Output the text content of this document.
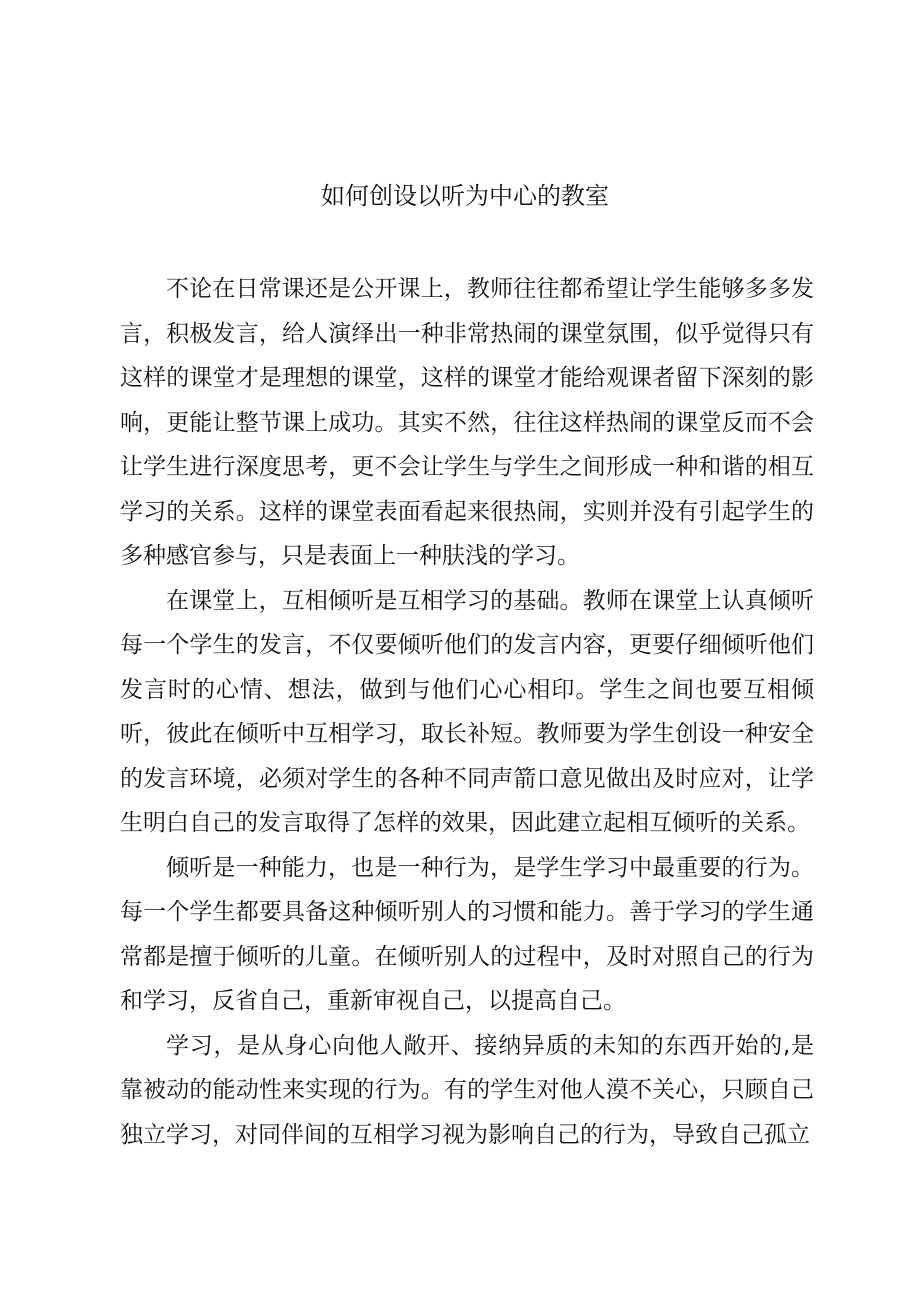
如何创设以听为中心的教室

不论在日常课还是公开课上，教师往往都希望让学生能够多多发言，积极发言，给人演绎出一种非常热闹的课堂氛围，似乎觉得只有这样的课堂才是理想的课堂，这样的课堂才能给观课者留下深刻的影响，更能让整节课上成功。其实不然，往往这样热闹的课堂反而不会让学生进行深度思考，更不会让学生与学生之间形成一种和谐的相互学习的关系。这样的课堂表面看起来很热闹，实则并没有引起学生的多种感官参与，只是表面上一种肤浅的学习。

在课堂上，互相倾听是互相学习的基础。教师在课堂上认真倾听每一个学生的发言，不仅要倾听他们的发言内容，更要仔细倾听他们发言时的心情、想法，做到与他们心心相印。学生之间也要互相倾听，彼此在倾听中互相学习，取长补短。教师要为学生创设一种安全的发言环境，必须对学生的各种不同声箭口意见做出及时应对，让学生明白自己的发言取得了怎样的效果，因此建立起相互倾听的关系。

倾听是一种能力，也是一种行为，是学生学习中最重要的行为。每一个学生都要具备这种倾听别人的习惯和能力。善于学习的学生通常都是擅于倾听的儿童。在倾听别人的过程中，及时对照自己的行为和学习，反省自己，重新审视自己，以提高自己。

学习，是从身心向他人敞开、接纳异质的未知的东西开始的,是靠被动的能动性来实现的行为。有的学生对他人漠不关心，只顾自己独立学习，对同伴间的互相学习视为影响自己的行为，导致自己孤立
